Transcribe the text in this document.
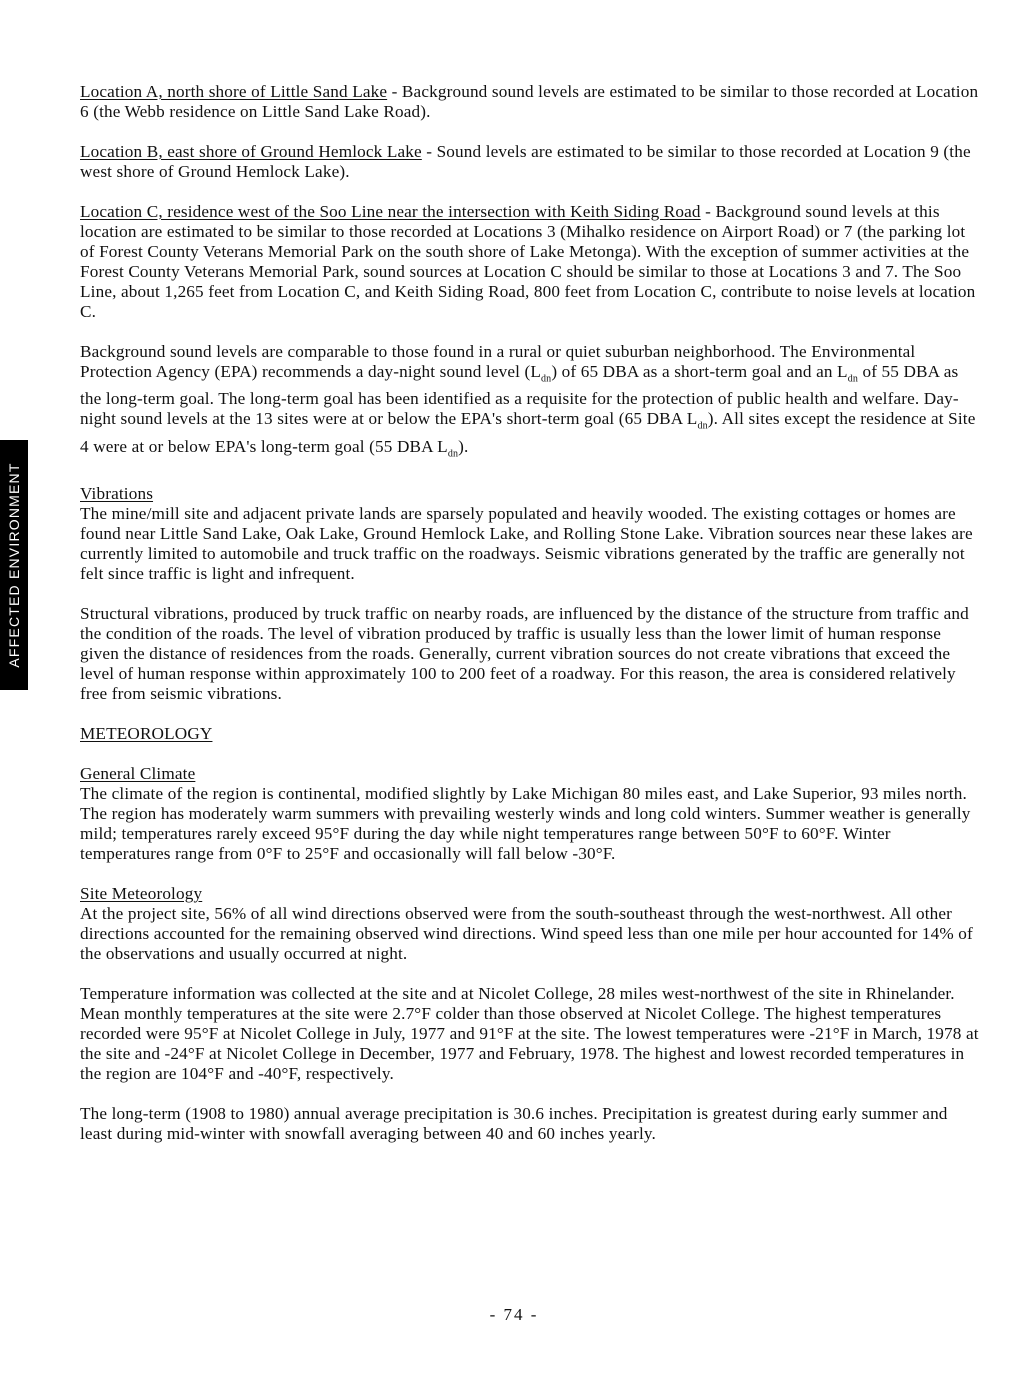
AFFECTED ENVIRONMENT

Location A, north shore of Little Sand Lake - Background sound levels are estimated to be similar to those recorded at Location 6 (the Webb residence on Little Sand Lake Road).

Location B, east shore of Ground Hemlock Lake - Sound levels are estimated to be similar to those recorded at Location 9 (the west shore of Ground Hemlock Lake).

Location C, residence west of the Soo Line near the intersection with Keith Siding Road - Background sound levels at this location are estimated to be similar to those recorded at Locations 3 (Mihalko residence on Airport Road) or 7 (the parking lot of Forest County Veterans Memorial Park on the south shore of Lake Metonga). With the exception of summer activities at the Forest County Veterans Memorial Park, sound sources at Location C should be similar to those at Locations 3 and 7. The Soo Line, about 1,265 feet from Location C, and Keith Siding Road, 800 feet from Location C, contribute to noise levels at location C.

Background sound levels are comparable to those found in a rural or quiet suburban neighborhood. The Environmental Protection Agency (EPA) recommends a day-night sound level $(L_{dn})$ of 65 DBA as a short-term goal and an $L_{dn}$ of 55 DBA as the long-term goal. The long-term goal has been identified as a requisite for the protection of public health and welfare. Day-night sound levels at the 13 sites were at or below the EPA's short-term goal (65 DBA $L_{dn}$). All sites except the residence at Site 4 were at or below EPA's long-term goal (55 DBA $L_{dn}$).

Vibrations

The mine/mill site and adjacent private lands are sparsely populated and heavily wooded. The existing cottages or homes are found near Little Sand Lake, Oak Lake, Ground Hemlock Lake, and Rolling Stone Lake. Vibration sources near these lakes are currently limited to automobile and truck traffic on the roadways. Seismic vibrations generated by the traffic are generally not felt since traffic is light and infrequent.

Structural vibrations, produced by truck traffic on nearby roads, are influenced by the distance of the structure from traffic and the condition of the roads. The level of vibration produced by traffic is usually less than the lower limit of human response given the distance of residences from the roads. Generally, current vibration sources do not create vibrations that exceed the level of human response within approximately 100 to 200 feet of a roadway. For this reason, the area is considered relatively free from seismic vibrations.

METEOROLOGY

General Climate

The climate of the region is continental, modified slightly by Lake Michigan 80 miles east, and Lake Superior, 93 miles north. The region has moderately warm summers with prevailing westerly winds and long cold winters. Summer weather is generally mild; temperatures rarely exceed 95°F during the day while night temperatures range between 50°F to 60°F. Winter temperatures range from 0°F to 25°F and occasionally will fall below -30°F.

Site Meteorology

At the project site, 56% of all wind directions observed were from the south-southeast through the west-northwest. All other directions accounted for the remaining observed wind directions. Wind speed less than one mile per hour accounted for 14% of the observations and usually occurred at night.

Temperature information was collected at the site and at Nicolet College, 28 miles west-northwest of the site in Rhinelander. Mean monthly temperatures at the site were 2.7°F colder than those observed at Nicolet College. The highest temperatures recorded were 95°F at Nicolet College in July, 1977 and 91°F at the site. The lowest temperatures were -21°F in March, 1978 at the site and -24°F at Nicolet College in December, 1977 and February, 1978. The highest and lowest recorded temperatures in the region are 104°F and -40°F, respectively.

The long-term (1908 to 1980) annual average precipitation is 30.6 inches. Precipitation is greatest during early summer and least during mid-winter with snowfall averaging between 40 and 60 inches yearly.

- 74 -
